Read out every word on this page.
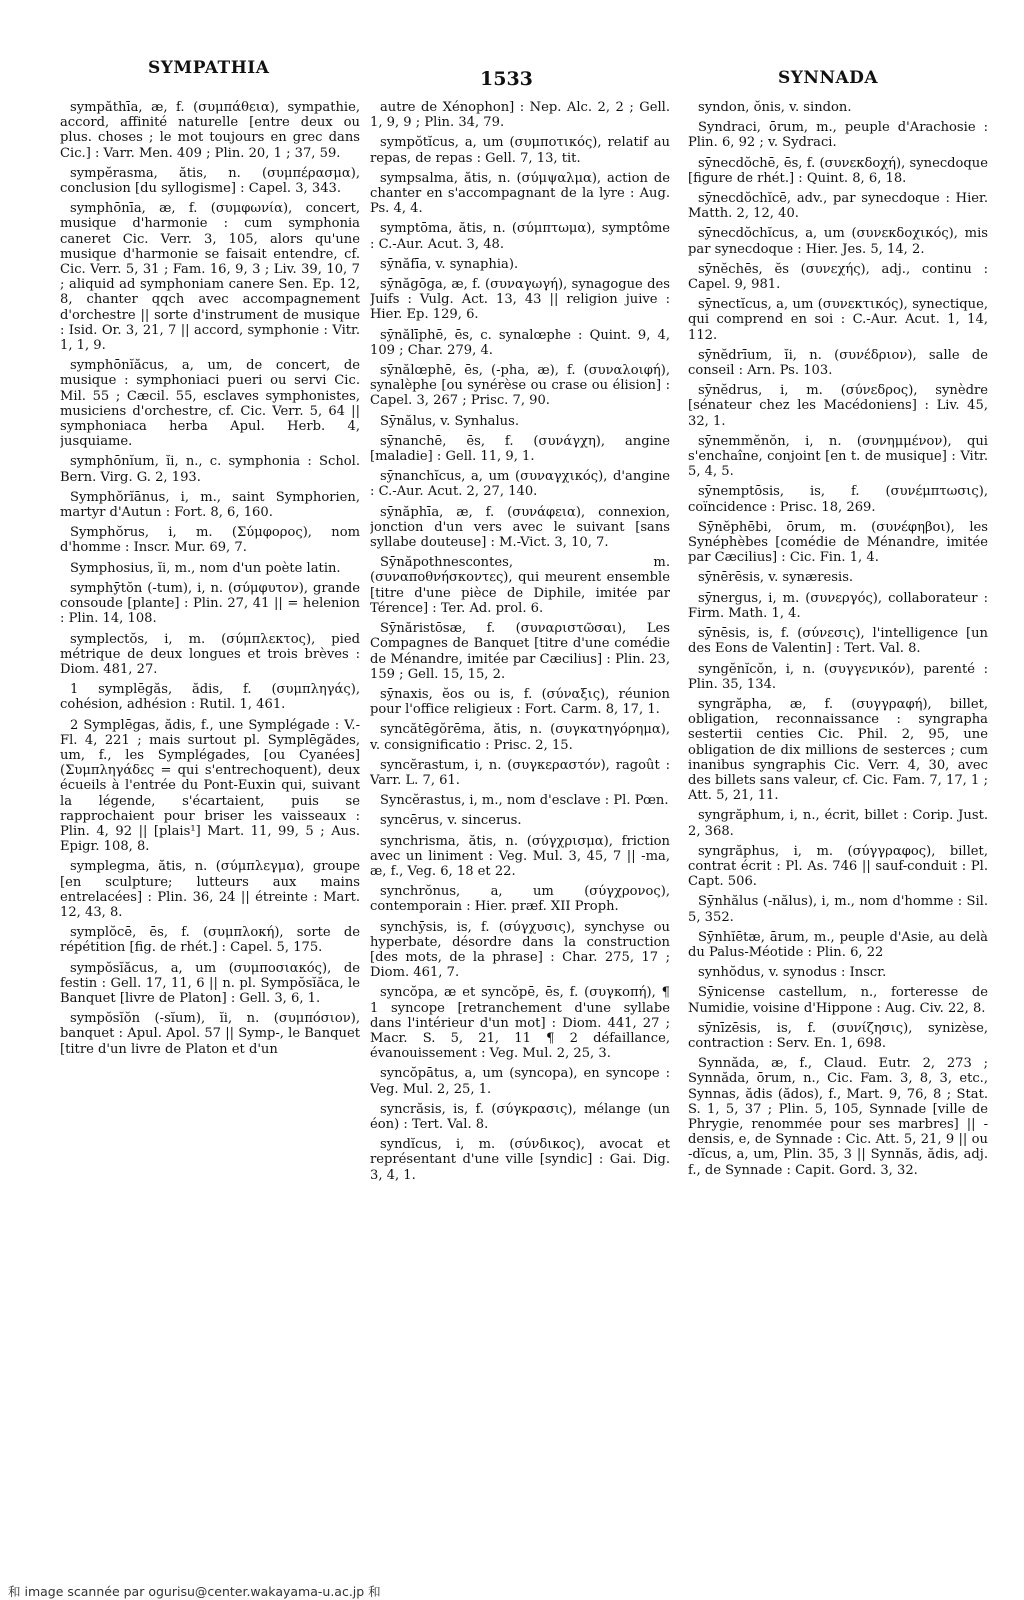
SYMPATHIA	1533	SYNNADA

sympăthīa, æ, f. (συμπάθεια), sympathie, accord, affinité naturelle [entre deux ou plus. choses ; le mot toujours en grec dans Cic.] : Varr. Men. 409 ; Plin. 20, 1 ; 37, 59.

sympĕrasma, ătis, n. (συμπέρασμα), conclusion [du syllogisme] : Capel. 3, 343.

symphōnīa, æ, f. (συμφωνία), concert, musique d'harmonie : cum symphonia caneret Cic. Verr. 3, 105, alors qu'une musique d'harmonie se faisait entendre, cf. Cic. Verr. 5, 31 ; Fam. 16, 9, 3 ; Liv. 39, 10, 7 ; aliquid ad symphoniam canere Sen. Ep. 12, 8, chanter qqch avec accompagnement d'orchestre || sorte d'instrument de musique : Isid. Or. 3, 21, 7 || accord, symphonie : Vitr. 1, 1, 9.

symphōnĭăcus, a, um, de concert, de musique : symphoniaci pueri ou servi Cic. Mil. 55 ; Cæcil. 55, esclaves symphonistes, musiciens d'orchestre, cf. Cic. Verr. 5, 64 || symphoniaca herba Apul. Herb. 4, jusquiame.

symphōnĭum, ĭi, n., c. symphonia : Schol. Bern. Virg. G. 2, 193.

Symphŏrĭānus, i, m., saint Symphorien, martyr d'Autun : Fort. 8, 6, 160.

Symphŏrus, i, m. (Σύμφορος), nom d'homme : Inscr. Mur. 69, 7.

Symphosius, ĭi, m., nom d'un poète latin.

symphȳtŏn (-tum), i, n. (σύμφυτον), grande consoude [plante] : Plin. 27, 41 || = helenion : Plin. 14, 108.

symplectŏs, i, m. (σύμπλεκτος), pied métrique de deux longues et trois brèves : Diom. 481, 27.

1 symplēgăs, ădis, f. (συμπληγάς), cohésion, adhésion : Rutil. 1, 461.

2 Symplēgas, ădis, f., une Symplégade : V.-Fl. 4, 221 ; mais surtout pl. Symplēgădes, um, f., les Symplégades, [ou Cyanées] (Συμπληγάδες = qui s'entrechoquent), deux écueils à l'entrée du Pont-Euxin qui, suivant la légende, s'écartaient, puis se rapprochaient pour briser les vaisseaux : Plin. 4, 92 || [plais¹] Mart. 11, 99, 5 ; Aus. Epigr. 108, 8.

symplegma, ătis, n. (σύμπλεγμα), groupe [en sculpture; lutteurs aux mains entrelacées] : Plin. 36, 24 || étreinte : Mart. 12, 43, 8.

symplŏcē, ēs, f. (συμπλοκή), sorte de répétition [fig. de rhét.] : Capel. 5, 175.

sympŏsĭăcus, a, um (συμποσιακός), de festin : Gell. 17, 11, 6 || n. pl. Sympŏsĭăca, le Banquet [livre de Platon] : Gell. 3, 6, 1.

sympŏsĭŏn (-sĭum), ĭi, n. (συμπόσιον), banquet : Apul. Apol. 57 || Symp-, le Banquet [titre d'un livre de Platon et d'un

autre de Xénophon] : Nep. Alc. 2, 2 ; Gell. 1, 9, 9 ; Plin. 34, 79.

sympŏtĭcus, a, um (συμποτικός), relatif au repas, de repas : Gell. 7, 13, tit.

sympsalma, ătis, n. (σύμψαλμα), action de chanter en s'accompagnant de la lyre : Aug. Ps. 4, 4.

symptōma, ătis, n. (σύμπτωμα), symptôme : C.-Aur. Acut. 3, 48.

sȳnăfīa, v. synaphia).

sȳnăgōga, æ, f. (συναγωγή), synagogue des Juifs : Vulg. Act. 13, 43 || religion juive : Hier. Ep. 129, 6.

sȳnălīphē, ēs, c. synalœphe : Quint. 9, 4, 109 ; Char. 279, 4.

sȳnălœphē, ēs, (-pha, æ), f. (συναλοιφή), synalèphe [ou synérèse ou crase ou élision] : Capel. 3, 267 ; Prisc. 7, 90.

Sȳnălus, v. Synhalus.

sȳnanchē, ēs, f. (συνάγχη), angine [maladie] : Gell. 11, 9, 1.

sȳnanchĭcus, a, um (συναγχικός), d'angine : C.-Aur. Acut. 2, 27, 140.

sȳnăphīa, æ, f. (συνάφεια), connexion, jonction d'un vers avec le suivant [sans syllabe douteuse] : M.-Vict. 3, 10, 7.

Sȳnăpothnescontes, m. (συναποθνήσκοντες), qui meurent ensemble [titre d'une pièce de Diphile, imitée par Térence] : Ter. Ad. prol. 6.

Sȳnăristōsæ, f. (συναριστῶσαι), Les Compagnes de Banquet [titre d'une comédie de Ménandre, imitée par Cæcilius] : Plin. 23, 159 ; Gell. 15, 15, 2.

sȳnaxis, ĕos ou is, f. (σύναξις), réunion pour l'office religieux : Fort. Carm. 8, 17, 1.

syncătēgŏrēma, ătis, n. (συγκατηγόρημα), v. consignificatio : Prisc. 2, 15.

syncĕrastum, i, n. (συγκεραστόν), ragoût : Varr. L. 7, 61.

Syncĕrastus, i, m., nom d'esclave : Pl. Pœn.

syncērus, v. sincerus.

synchrisma, ătis, n. (σύγχρισμα), friction avec un liniment : Veg. Mul. 3, 45, 7 || -ma, æ, f., Veg. 6, 18 et 22.

synchrŏnus, a, um (σύγχρονος), contemporain : Hier. præf. XII Proph.

synchȳsis, is, f. (σύγχυσις), synchyse ou hyperbate, désordre dans la construction [des mots, de la phrase] : Char. 275, 17 ; Diom. 461, 7.

syncŏpa, æ et syncŏpē, ēs, f. (συγκοπή), ¶ 1 syncope [retranchement d'une syllabe dans l'intérieur d'un mot] : Diom. 441, 27 ; Macr. S. 5, 21, 11 ¶ 2 défaillance, évanouissement : Veg. Mul. 2, 25, 3.

syncŏpātus, a, um (syncopa), en syncope : Veg. Mul. 2, 25, 1.

syncrăsis, is, f. (σύγκρασις), mélange (un éon) : Tert. Val. 8.

syndĭcus, i, m. (σύνδικος), avocat et représentant d'une ville [syndic] : Gai. Dig. 3, 4, 1.

syndon, ŏnis, v. sindon.

Syndraci, ōrum, m., peuple d'Arachosie : Plin. 6, 92 ; v. Sydraci.

sȳnecdŏchē, ēs, f. (συνεκδοχή), synecdoque [figure de rhét.] : Quint. 8, 6, 18.

sȳnecdŏchĭcē, adv., par synecdoque : Hier. Matth. 2, 12, 40.

sȳnecdŏchĭcus, a, um (συνεκδοχικός), mis par synecdoque : Hier. Jes. 5, 14, 2.

sȳnĕchēs, ĕs (συνεχής), adj., continu : Capel. 9, 981.

sȳnectĭcus, a, um (συνεκτικός), synectique, qui comprend en soi : C.-Aur. Acut. 1, 14, 112.

sȳnĕdrīum, ĭi, n. (συνέδριον), salle de conseil : Arn. Ps. 103.

sȳnĕdrus, i, m. (σύνεδρος), synèdre [sénateur chez les Macédoniens] : Liv. 45, 32, 1.

sȳnemmĕnŏn, i, n. (συνημμένον), qui s'enchaîne, conjoint [en t. de musique] : Vitr. 5, 4, 5.

sȳnemptōsis, is, f. (συνέμπτωσις), coïncidence : Prisc. 18, 269.

Sȳnĕphēbi, ōrum, m. (συνέφηβοι), les Synéphèbes [comédie de Ménandre, imitée par Cæcilius] : Cic. Fin. 1, 4.

sȳnērēsis, v. synæresis.

sȳnergus, i, m. (συνεργός), collaborateur : Firm. Math. 1, 4.

sȳnēsis, is, f. (σύνεσις), l'intelligence [un des Eons de Valentin] : Tert. Val. 8.

syngĕnĭcŏn, i, n. (συγγενικόν), parenté : Plin. 35, 134.

syngrăpha, æ, f. (συγγραφή), billet, obligation, reconnaissance : syngrapha sestertii centies Cic. Phil. 2, 95, une obligation de dix millions de sesterces ; cum inanibus syngraphis Cic. Verr. 4, 30, avec des billets sans valeur, cf. Cic. Fam. 7, 17, 1 ; Att. 5, 21, 11.

syngrăphum, i, n., écrit, billet : Corip. Just. 2, 368.

syngrăphus, i, m. (σύγγραφος), billet, contrat écrit : Pl. As. 746 || sauf-conduit : Pl. Capt. 506.

Sȳnhălus (-nălus), i, m., nom d'homme : Sil. 5, 352.

Sȳnhĭētæ, ārum, m., peuple d'Asie, au delà du Palus-Méotide : Plin. 6, 22

synhŏdus, v. synodus : Inscr.

Sȳnicense castellum, n., forteresse de Numidie, voisine d'Hippone : Aug. Civ. 22, 8.

sȳnīzēsis, is, f. (συνίζησις), synizèse, contraction : Serv. En. 1, 698.

Synnăda, æ, f., Claud. Eutr. 2, 273 ; Synnăda, ōrum, n., Cic. Fam. 3, 8, 3, etc., Synnas, ădis (ădos), f., Mart. 9, 76, 8 ; Stat. S. 1, 5, 37 ; Plin. 5, 105, Synnade [ville de Phrygie, renommée pour ses marbres] || -densis, e, de Synnade : Cic. Att. 5, 21, 9 || ou -dĭcus, a, um, Plin. 35, 3 || Synnăs, ădis, adj. f., de Synnade : Capit. Gord. 3, 32.

和 image scannée par ogurisu@center.wakayama-u.ac.jp 和
